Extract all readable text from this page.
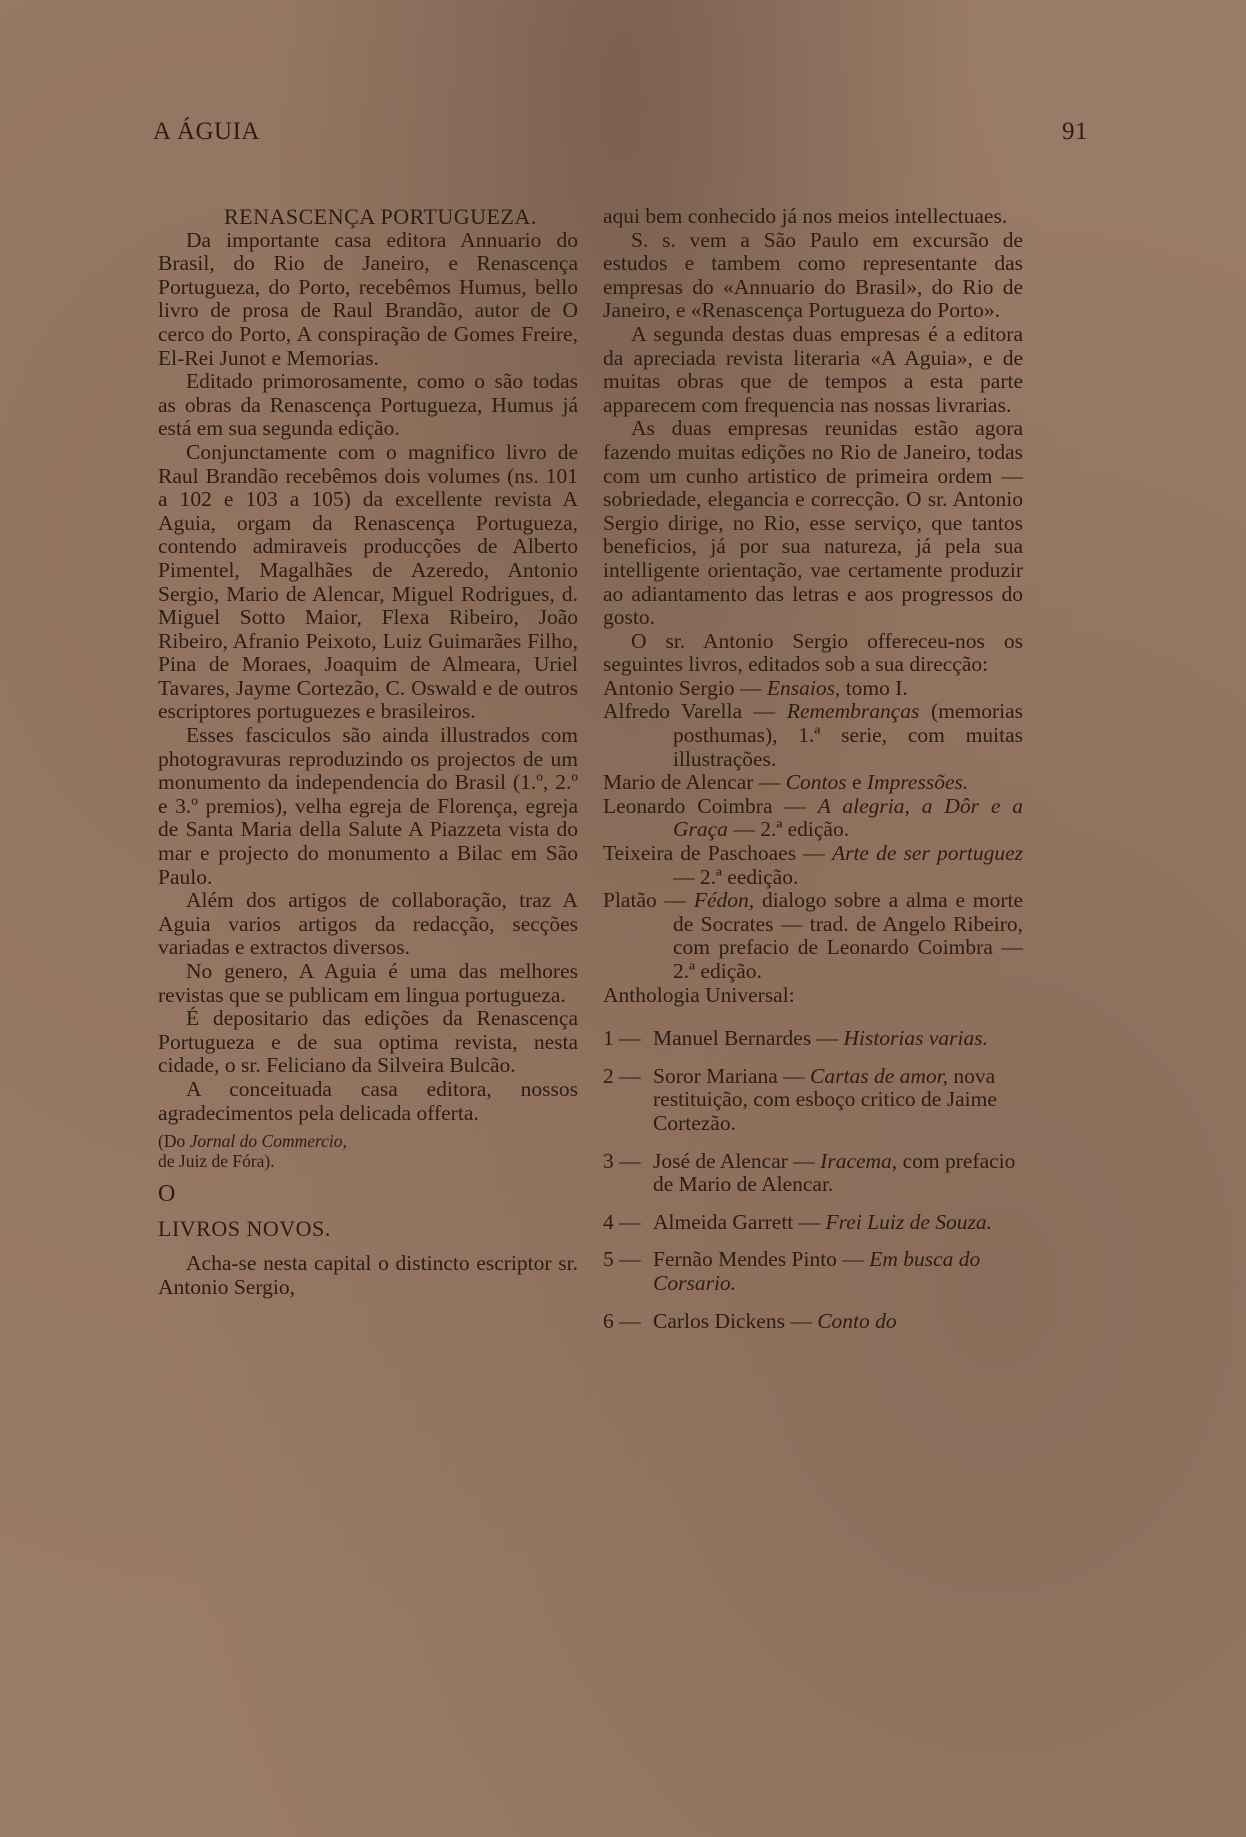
A ÁGUIA	91

RENASCENÇA PORTUGUEZA.

Da importante casa editora Annuario do Brasil, do Rio de Janeiro, e Renascença Portugueza, do Porto, recebêmos Humus, bello livro de prosa de Raul Brandão, autor de O cerco do Porto, A conspiração de Gomes Freire, El-Rei Junot e Memorias.

Editado primorosamente, como o são todas as obras da Renascença Portugueza, Humus já está em sua segunda edição.

Conjunctamente com o magnifico livro de Raul Brandão recebêmos dois volumes (ns. 101 a 102 e 103 a 105) da excellente revista A Aguia, orgam da Renascença Portugueza, contendo admiraveis producções de Alberto Pimentel, Magalhães de Azeredo, Antonio Sergio, Mario de Alencar, Miguel Rodrigues, d. Miguel Sotto Maior, Flexa Ribeiro, João Ribeiro, Afranio Peixoto, Luiz Guimarães Filho, Pina de Moraes, Joaquim de Almeara, Uriel Tavares, Jayme Cortezão, C. Oswald e de outros escriptores portuguezes e brasileiros.

Esses fasciculos são ainda illustrados com photogravuras reproduzindo os projectos de um monumento da independencia do Brasil (1.º, 2.º e 3.º premios), velha egreja de Florença, egreja de Santa Maria della Salute A Piazzeta vista do mar e projecto do monumento a Bilac em São Paulo.

Além dos artigos de collaboração, traz A Aguia varios artigos da redacção, secções variadas e extractos diversos.

No genero, A Aguia é uma das melhores revistas que se publicam em lingua portugueza.

É depositario das edições da Renascença Portugueza e de sua optima revista, nesta cidade, o sr. Feliciano da Silveira Bulcão.

A conceituada casa editora, nossos agradecimentos pela delicada offerta.

(Do Jornal do Commercio,
de Juiz de Fóra).

O

LIVROS NOVOS.

Acha-se nesta capital o distincto escriptor sr. Antonio Sergio,

aqui bem conhecido já nos meios intellectuaes.

S. s. vem a São Paulo em excursão de estudos e tambem como representante das empresas do «Annuario do Brasil», do Rio de Janeiro, e «Renascença Portugueza do Porto».

A segunda destas duas empresas é a editora da apreciada revista literaria «A Aguia», e de muitas obras que de tempos a esta parte apparecem com frequencia nas nossas livrarias.

As duas empresas reunidas estão agora fazendo muitas edições no Rio de Janeiro, todas com um cunho artistico de primeira ordem — sobriedade, elegancia e correcção. O sr. Antonio Sergio dirige, no Rio, esse serviço, que tantos beneficios, já por sua natureza, já pela sua intelligente orientação, vae certamente produzir ao adiantamento das letras e aos progressos do gosto.

O sr. Antonio Sergio offereceu-nos os seguintes livros, editados sob a sua direcção:

Antonio Sergio — Ensaios, tomo I.

Alfredo Varella — Remembranças (memorias posthumas), 1.ª serie, com muitas illustrações.

Mario de Alencar — Contos e Impressões.

Leonardo Coimbra — A alegria, a Dôr e a Graça — 2.ª edição.

Teixeira de Paschoaes — Arte de ser portuguez — 2.ª eedição.

Platão — Fédon, dialogo sobre a alma e morte de Socrates — trad. de Angelo Ribeiro, com prefacio de Leonardo Coimbra — 2.ª edição.

Anthologia Universal:

1 — Manuel Bernardes — Historias varias.
2 — Soror Mariana — Cartas de amor, nova restituição, com esboço critico de Jaime Cortezão.
3 — José de Alencar — Iracema, com prefacio de Mario de Alencar.
4 — Almeida Garrett — Frei Luiz de Souza.
5 — Fernão Mendes Pinto — Em busca do Corsario.
6 — Carlos Dickens — Conto do
